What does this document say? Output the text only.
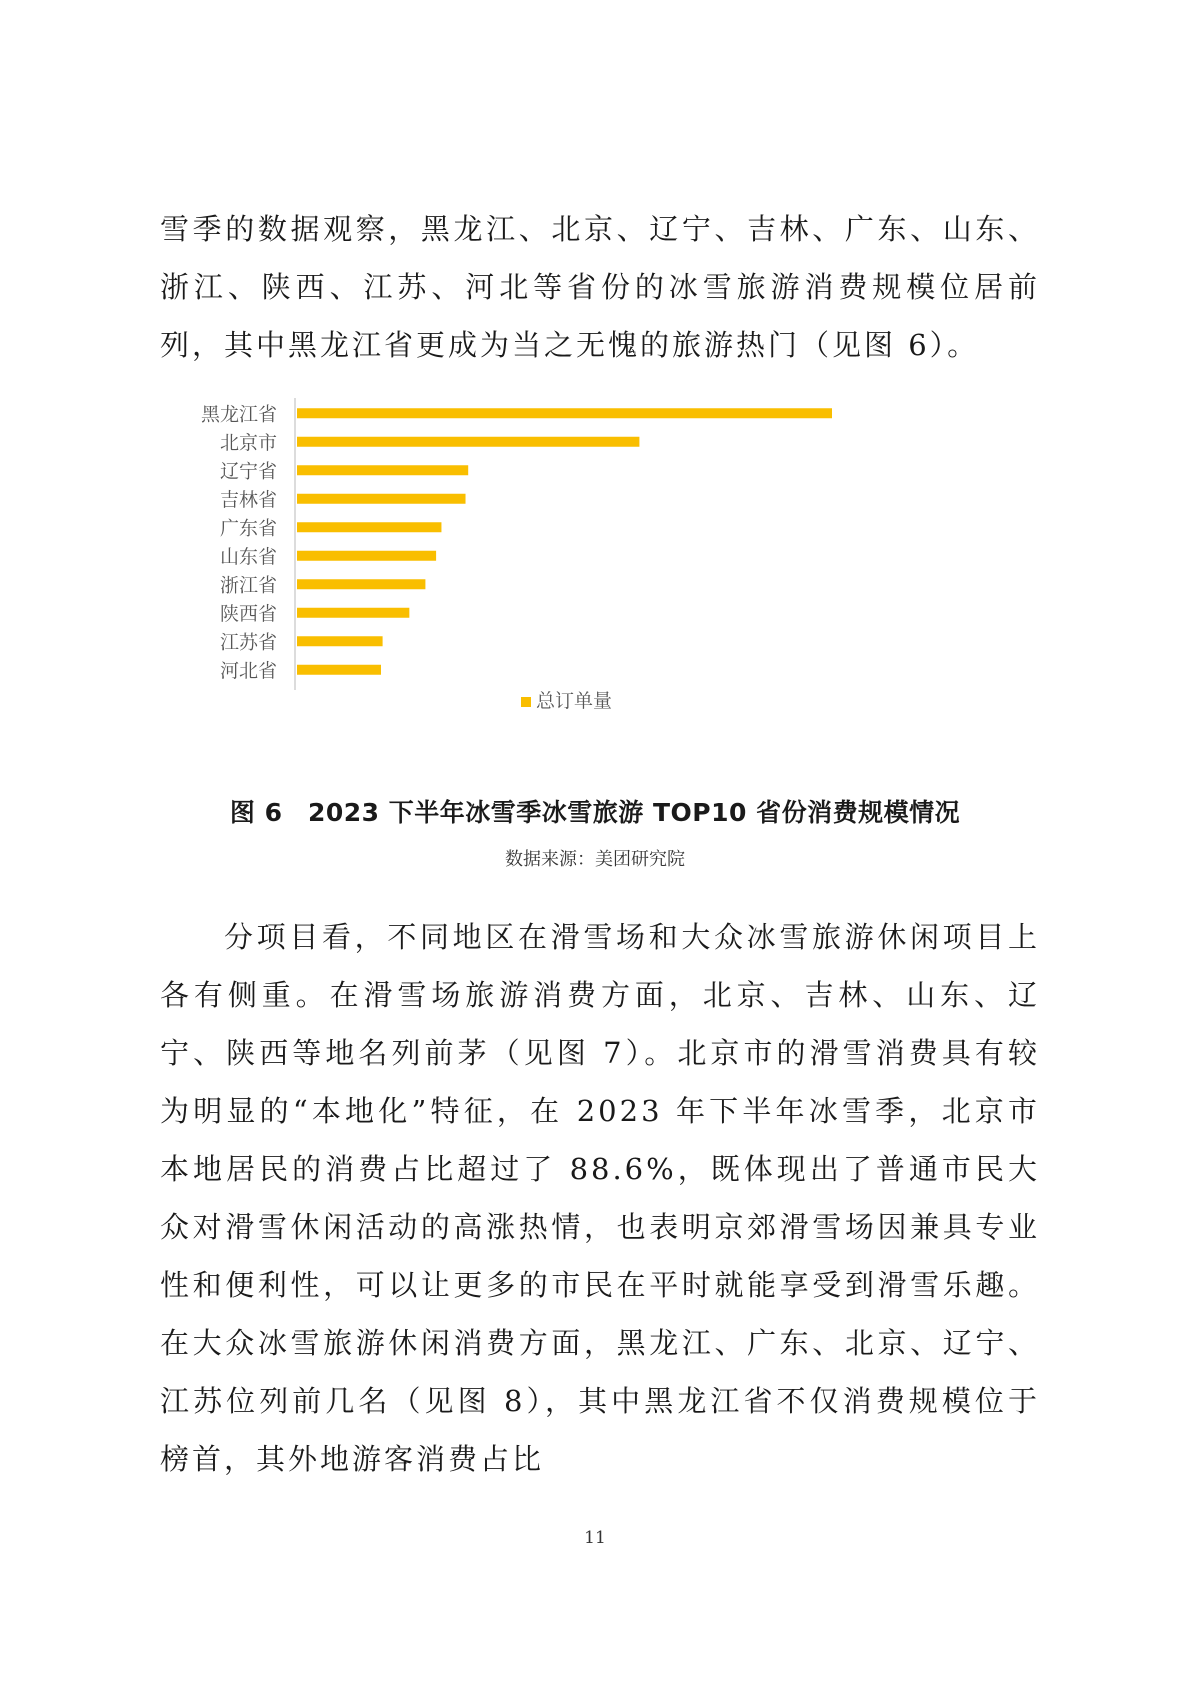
雪季的数据观察，黑龙江、北京、辽宁、吉林、广东、山东、浙江、陕西、江苏、河北等省份的冰雪旅游消费规模位居前列，其中黑龙江省更成为当之无愧的旅游热门（见图 6）。

黑龙江省
北京市
辽宁省
吉林省
广东省
山东省
浙江省
陕西省
江苏省
河北省
总订单量

图 6　2023 下半年冰雪季冰雪旅游 TOP10 省份消费规模情况

数据来源：美团研究院

分项目看，不同地区在滑雪场和大众冰雪旅游休闲项目上各有侧重。在滑雪场旅游消费方面，北京、吉林、山东、辽宁、陕西等地名列前茅（见图 7）。北京市的滑雪消费具有较为明显的“本地化”特征，在 2023 年下半年冰雪季，北京市本地居民的消费占比超过了 88.6%，既体现出了普通市民大众对滑雪休闲活动的高涨热情，也表明京郊滑雪场因兼具专业性和便利性，可以让更多的市民在平时就能享受到滑雪乐趣。在大众冰雪旅游休闲消费方面，黑龙江、广东、北京、辽宁、江苏位列前几名（见图 8），其中黑龙江省不仅消费规模位于榜首，其外地游客消费占比

11
